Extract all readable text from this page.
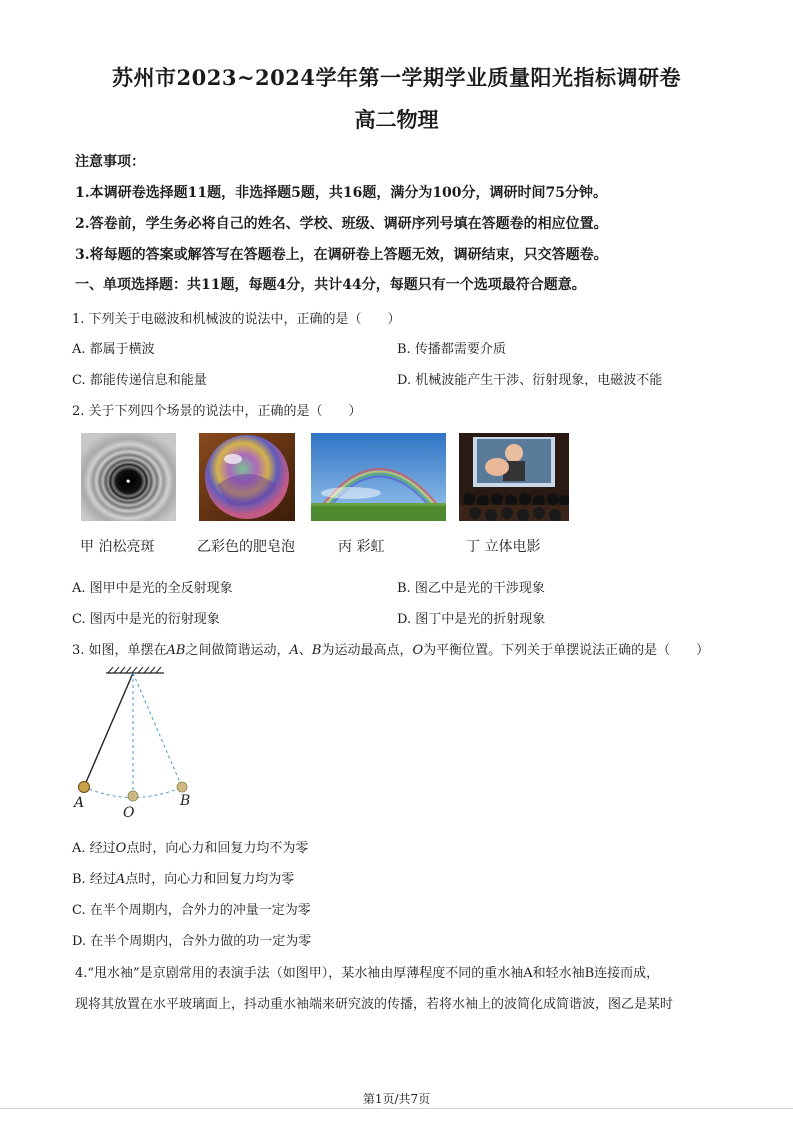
苏州市2023~2024学年第一学期学业质量阳光指标调研卷
高二物理
注意事项：
1.本调研卷选择题11题，非选择题5题，共16题，满分为100分，调研时间75分钟。
2.答卷前，学生务必将自己的姓名、学校、班级、调研序列号填在答题卷的相应位置。
3.将每题的答案或解答写在答题卷上，在调研卷上答题无效，调研结束，只交答题卷。
一、单项选择题：共11题，每题4分，共计44分，每题只有一个选项最符合题意。
1. 下列关于电磁波和机械波的说法中，正确的是（　　）
A. 都属于横波	B. 传播都需要介质
C. 都能传递信息和能量	D. 机械波能产生干涉、衍射现象，电磁波不能
2. 关于下列四个场景的说法中，正确的是（　　）
甲 泊松亮斑	乙彩色的肥皂泡	丙 彩虹	丁 立体电影
A. 图甲中是光的全反射现象	B. 图乙中是光的干涉现象
C. 图丙中是光的衍射现象	D. 图丁中是光的折射现象
3. 如图，单摆在AB之间做简谐运动，A、B为运动最高点，O为平衡位置。下列关于单摆说法正确的是（　　）
A
O
B
A. 经过O点时，向心力和回复力均不为零
B. 经过A点时，向心力和回复力均为零
C. 在半个周期内，合外力的冲量一定为零
D. 在半个周期内，合外力做的功一定为零
4.“甩水袖”是京剧常用的表演手法（如图甲），某水袖由厚薄程度不同的重水袖A和轻水袖B连接而成，
现将其放置在水平玻璃面上，抖动重水袖端来研究波的传播，若将水袖上的波简化成简谐波，图乙是某时
第1页/共7页
